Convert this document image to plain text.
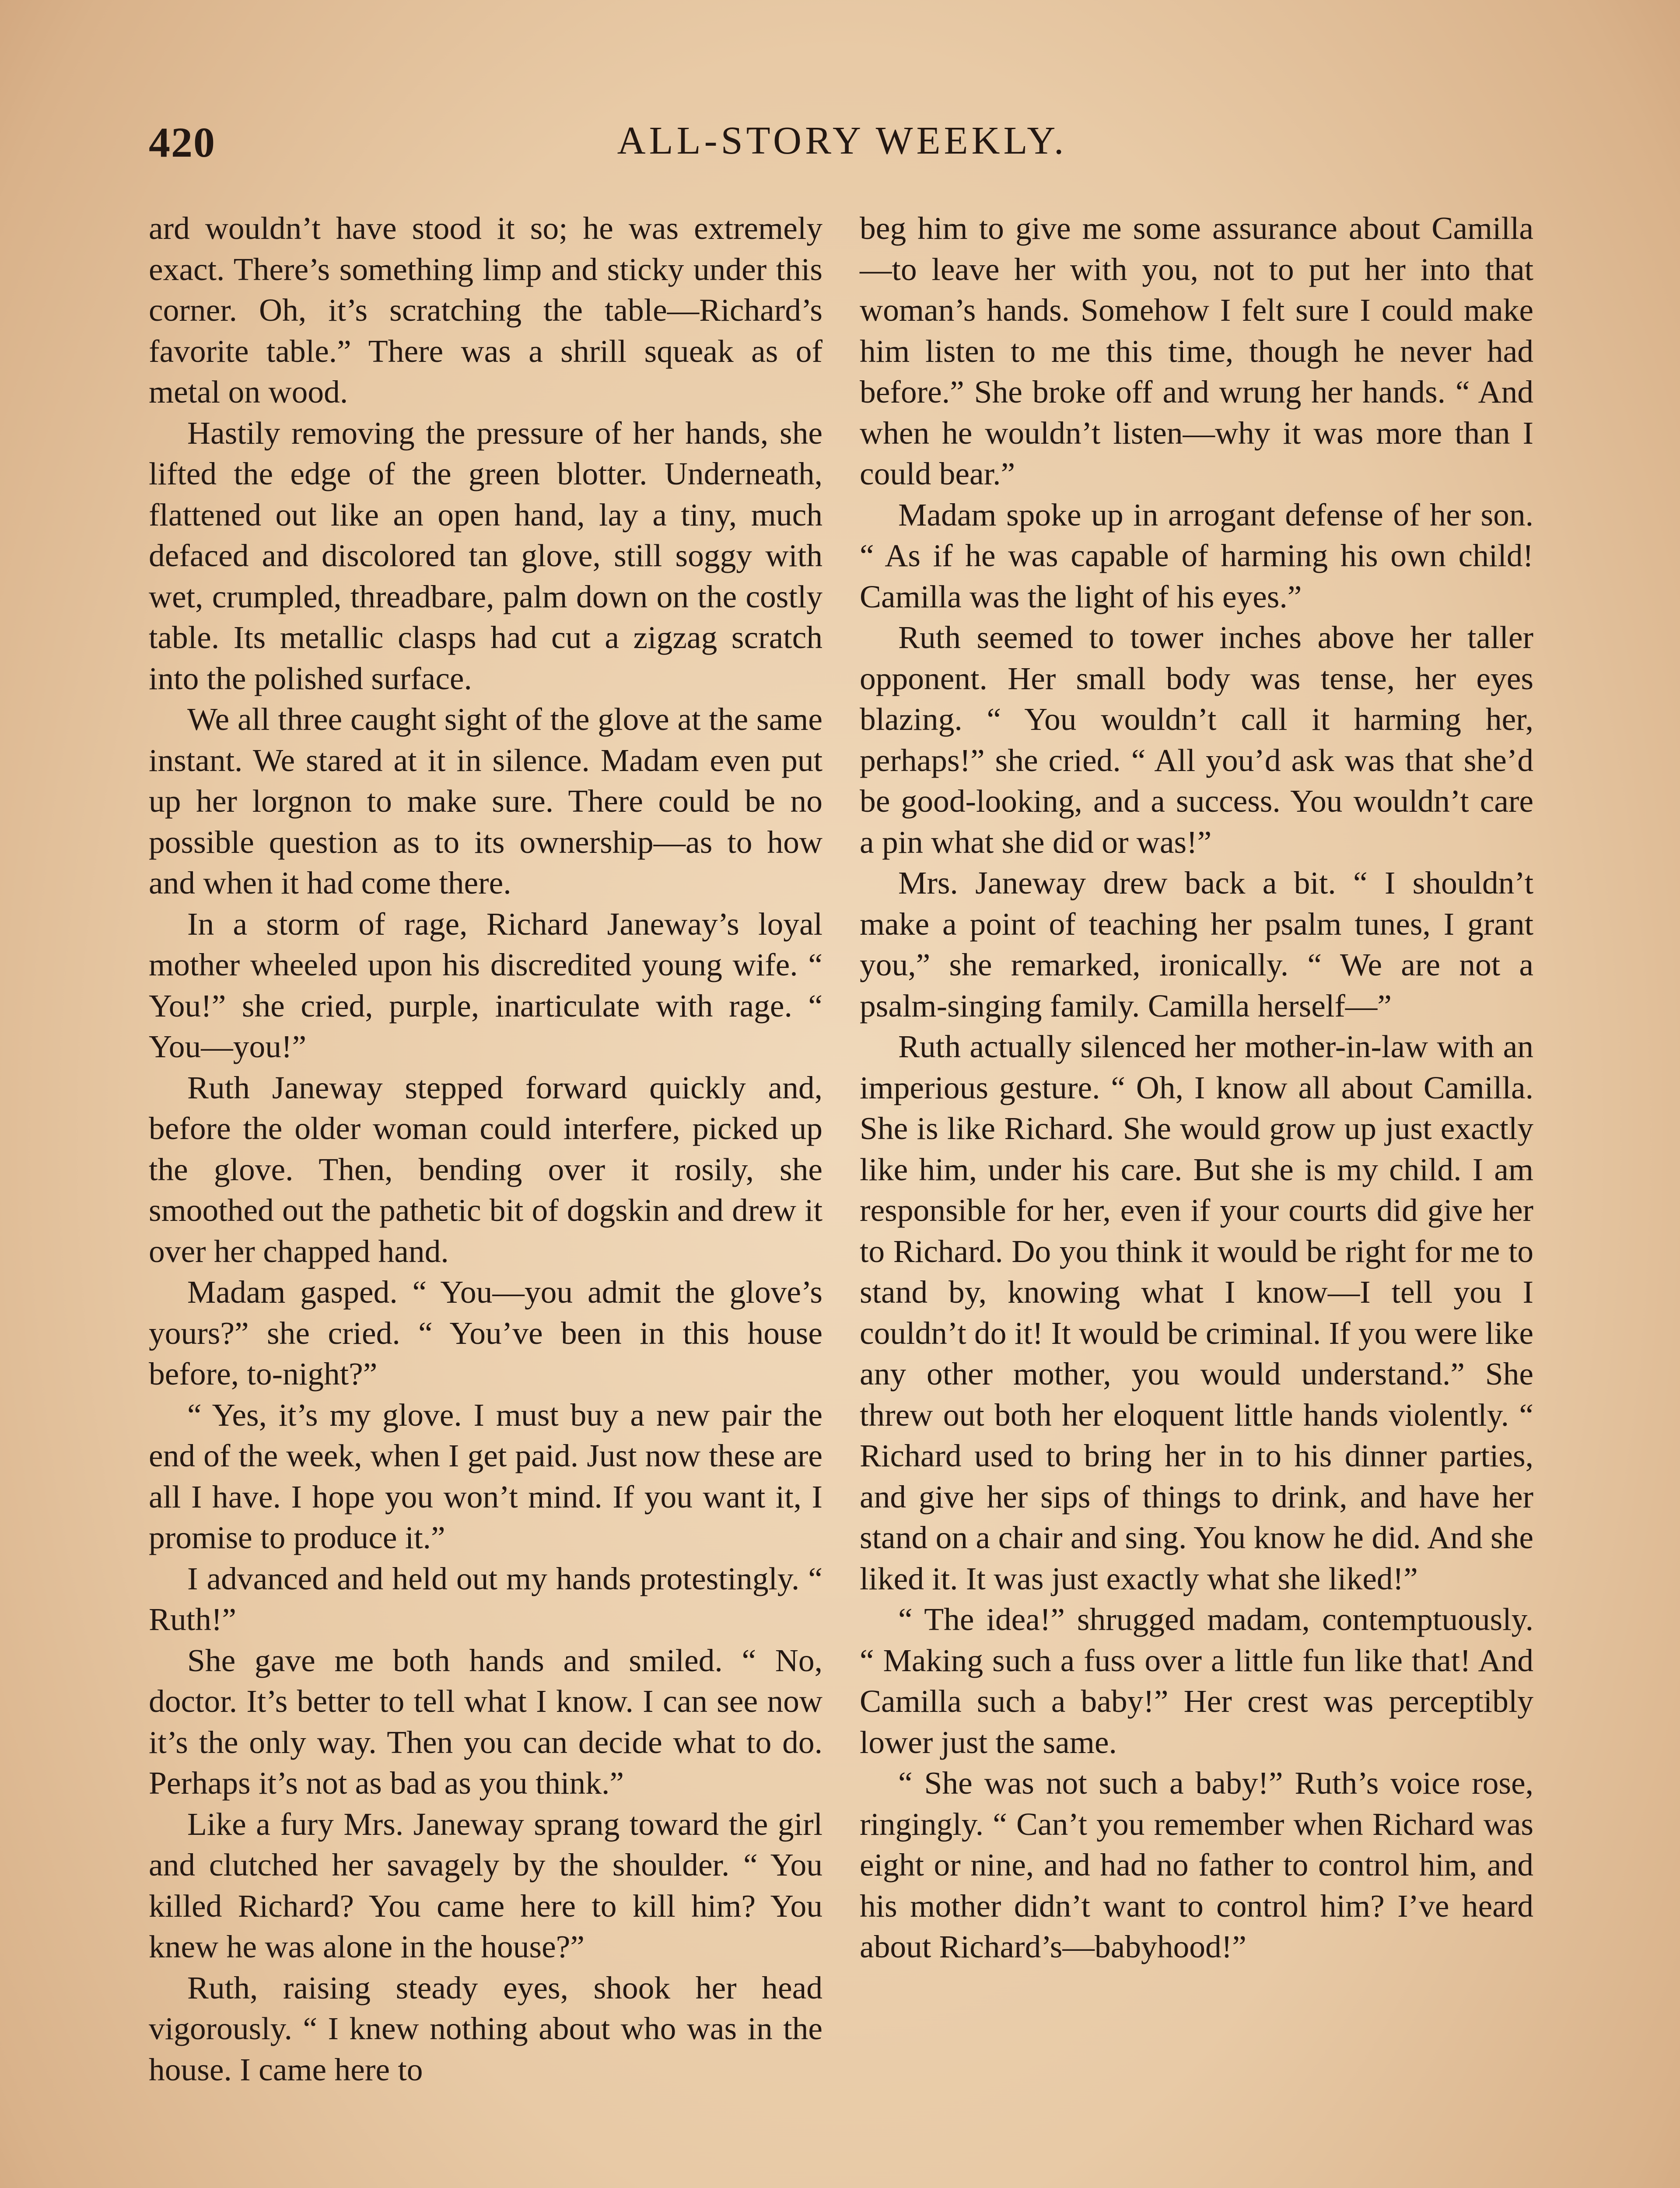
420	ALL-STORY WEEKLY.

ard wouldn’t have stood it so; he was extremely exact. There’s something limp and sticky under this corner. Oh, it’s scratching the table—Richard’s favorite table.” There was a shrill squeak as of metal on wood.

Hastily removing the pressure of her hands, she lifted the edge of the green blotter. Underneath, flattened out like an open hand, lay a tiny, much defaced and discolored tan glove, still soggy with wet, crumpled, threadbare, palm down on the costly table. Its metallic clasps had cut a zigzag scratch into the polished surface.

We all three caught sight of the glove at the same instant. We stared at it in silence. Madam even put up her lorgnon to make sure. There could be no possible question as to its ownership—as to how and when it had come there.

In a storm of rage, Richard Janeway’s loyal mother wheeled upon his discredited young wife. “ You!” she cried, purple, inarticulate with rage. “ You—you!”

Ruth Janeway stepped forward quickly and, before the older woman could interfere, picked up the glove. Then, bending over it rosily, she smoothed out the pathetic bit of dogskin and drew it over her chapped hand.

Madam gasped. “ You—you admit the glove’s yours?” she cried. “ You’ve been in this house before, to-night?”

“ Yes, it’s my glove. I must buy a new pair the end of the week, when I get paid. Just now these are all I have. I hope you won’t mind. If you want it, I promise to produce it.”

I advanced and held out my hands protestingly. “ Ruth!”

She gave me both hands and smiled. “ No, doctor. It’s better to tell what I know. I can see now it’s the only way. Then you can decide what to do. Perhaps it’s not as bad as you think.”

Like a fury Mrs. Janeway sprang toward the girl and clutched her savagely by the shoulder. “ You killed Richard? You came here to kill him? You knew he was alone in the house?”

Ruth, raising steady eyes, shook her head vigorously. “ I knew nothing about who was in the house. I came here to

beg him to give me some assurance about Camilla—to leave her with you, not to put her into that woman’s hands. Somehow I felt sure I could make him listen to me this time, though he never had before.” She broke off and wrung her hands. “ And when he wouldn’t listen—why it was more than I could bear.”

Madam spoke up in arrogant defense of her son. “ As if he was capable of harming his own child! Camilla was the light of his eyes.”

Ruth seemed to tower inches above her taller opponent. Her small body was tense, her eyes blazing. “ You wouldn’t call it harming her, perhaps!” she cried. “ All you’d ask was that she’d be good-looking, and a success. You wouldn’t care a pin what she did or was!”

Mrs. Janeway drew back a bit. “ I shouldn’t make a point of teaching her psalm tunes, I grant you,” she remarked, ironically. “ We are not a psalm-singing family. Camilla herself—”

Ruth actually silenced her mother-in-law with an imperious gesture. “ Oh, I know all about Camilla. She is like Richard. She would grow up just exactly like him, under his care. But she is my child. I am responsible for her, even if your courts did give her to Richard. Do you think it would be right for me to stand by, knowing what I know—I tell you I couldn’t do it! It would be criminal. If you were like any other mother, you would understand.” She threw out both her eloquent little hands violently. “ Richard used to bring her in to his dinner parties, and give her sips of things to drink, and have her stand on a chair and sing. You know he did. And she liked it. It was just exactly what she liked!”

“ The idea!” shrugged madam, contemptuously. “ Making such a fuss over a little fun like that! And Camilla such a baby!” Her crest was perceptibly lower just the same.

“ She was not such a baby!” Ruth’s voice rose, ringingly. “ Can’t you remember when Richard was eight or nine, and had no father to control him, and his mother didn’t want to control him? I’ve heard about Richard’s—babyhood!”
